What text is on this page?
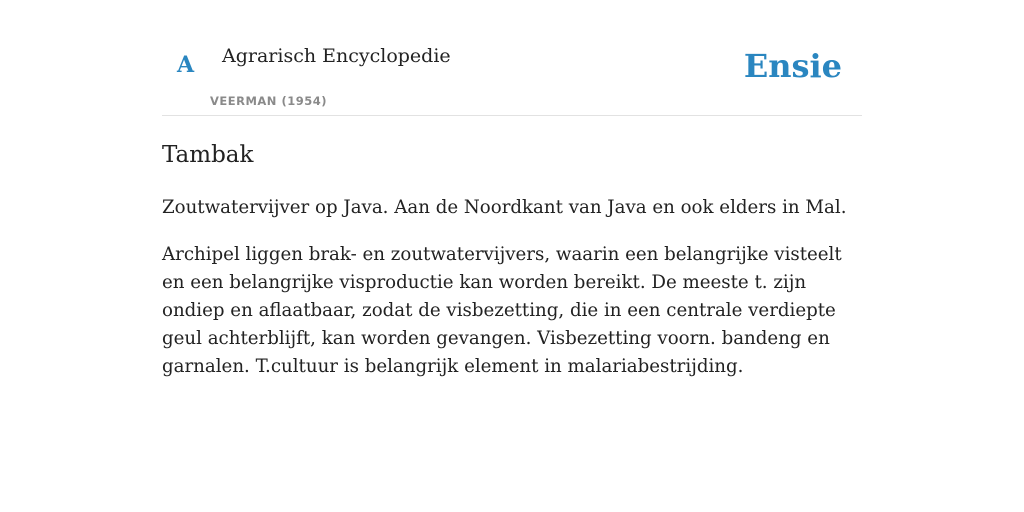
A Agrarisch Encyclopedie
VEERMAN (1954)
Ensie
Tambak

Zoutwatervijver op Java. Aan de Noordkant van Java en ook elders in Mal.

Archipel liggen brak- en zoutwatervijvers, waarin een belangrijke visteelt en een belangrijke visproductie kan worden bereikt. De meeste t. zijn ondiep en aflaatbaar, zodat de visbezetting, die in een centrale verdiepte geul achterblijft, kan worden gevangen. Visbezetting voorn. bandeng en garnalen. T.cultuur is belangrijk element in malariabestrijding.
